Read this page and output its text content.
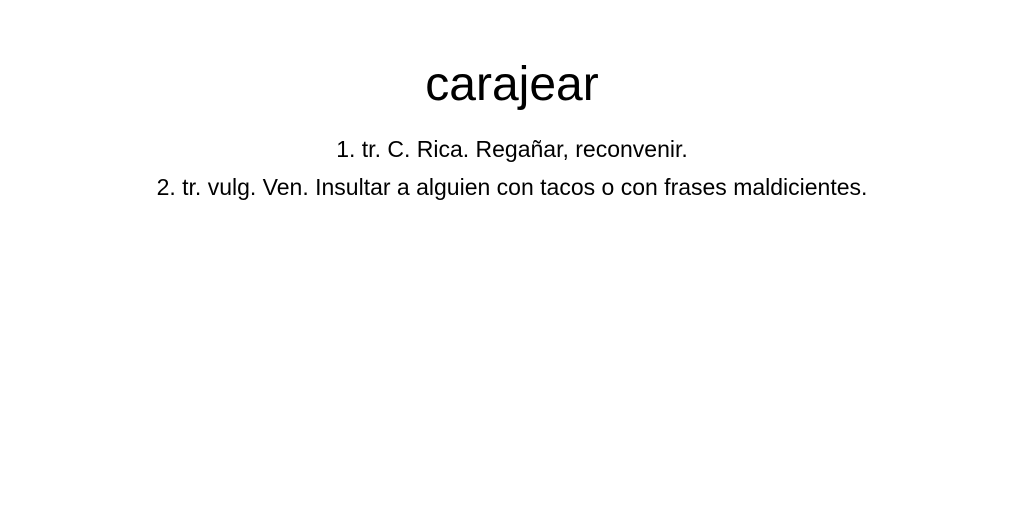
carajear
1. tr. C. Rica. Regañar, reconvenir.
2. tr. vulg. Ven. Insultar a alguien con tacos o con frases maldicientes.
